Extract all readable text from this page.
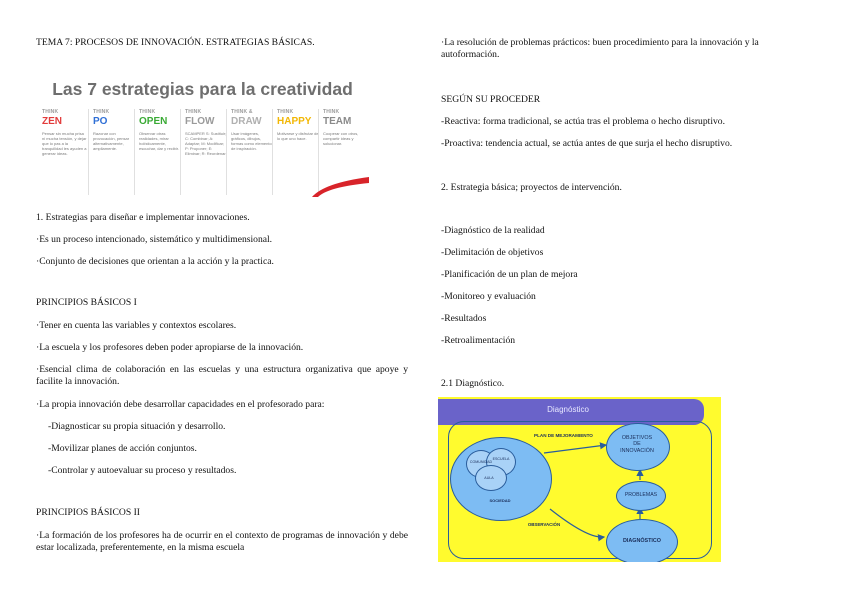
TEMA 7: PROCESOS DE INNOVACIÓN. ESTRATEGIAS BÁSICAS.
Las 7 estrategias para la creatividad
THINK
ZEN
Pensar sin mucha prisa ni mucha tensión, y dejar que lo pas a la tranquilidad les ayuden a generar ideas.
THINK
PO
Razonar con provocación, pensar alternativamente, ampliamente.
THINK
OPEN
Observar otras realidades, mirar holísticamente, escuchar, dar y recibir.
THINK
FLOW
SCAMPER S: Sustituir; C: Combinar; A: Adaptar; M: Modificar; P: Proponer; E: Eliminar; R: Reordenar.
THINK &
DRAW
Usar imágenes, gráficos, dibujos, formas como elemento de inspiración.
THINK
HAPPY
Motivarse y disfrutar de lo que uno hace.
THINK
TEAM
Cooperar con otros, compartir ideas y solucionar.
1. Estrategias para diseñar e implementar innovaciones.
·Es un proceso intencionado, sistemático y multidimensional.
·Conjunto de decisiones que orientan a la acción y la practica.
PRINCIPIOS BÁSICOS I
·Tener en cuenta las variables y contextos escolares.
·La escuela y los profesores deben poder apropiarse de la innovación.
·Esencial clima de colaboración en las escuelas y una estructura organizativa que apoye y facilite la innovación.
·La propia innovación debe desarrollar capacidades en el profesorado para:
-Diagnosticar su propia situación y desarrollo.
-Movilizar planes de acción conjuntos.
-Controlar y autoevaluar su proceso y resultados.
PRINCIPIOS BÁSICOS II
·La formación de los profesores ha de ocurrir en el contexto de programas de innovación y debe estar localizada, preferentemente, en la misma escuela
·La resolución de problemas prácticos: buen procedimiento para la innovación y la autoformación.
SEGÚN SU PROCEDER
-Reactiva: forma tradicional, se actúa tras el problema o hecho disruptivo.
-Proactiva: tendencia actual, se actúa antes de que surja el hecho disruptivo.
2. Estrategia básica; proyectos de intervención.
-Diagnóstico de la realidad
-Delimitación de objetivos
-Planificación de un plan de mejora
-Monitoreo y evaluación
-Resultados
-Retroalimentación
2.1 Diagnóstico.
Diagnóstico
PLAN DE MEJORAMIENTO
COMUNIDAD
ESCUELA
AULA
SOCIEDAD
OBJETIVOS
DE
INNOVACIÓN
PROBLEMAS
DIAGNÓSTICO
OBSERVACIÓN
